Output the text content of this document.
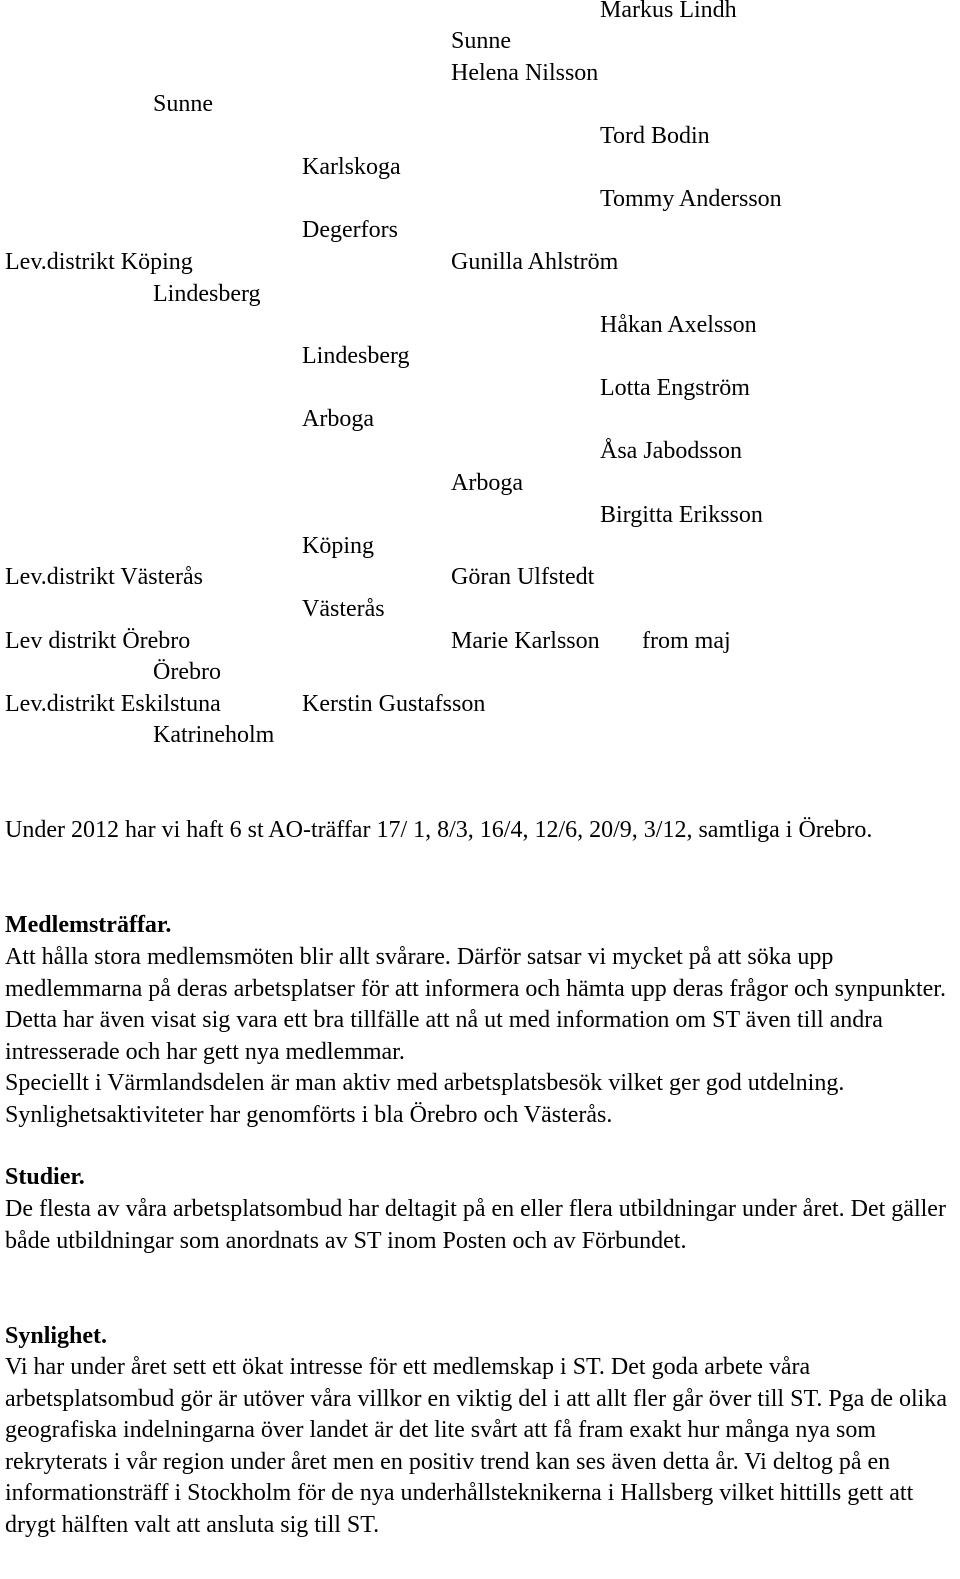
Markus Lindh
Tord Bodin
Tommy Andersson
Håkan Axelsson
Lotta Engström
Åsa Jabodsson
Birgitta Eriksson
Sunne
Helena Nilsson
Gunilla Ahlström
Arboga
Göran Ulfstedt
Marie Karlsson from maj
Karlskoga
Degerfors
Lindesberg
Arboga
Köping
Västerås
Kerstin Gustafsson
Sunne
Lev.distrikt Köping
Lindesberg
Lev.distrikt Västerås
Lev distrikt Örebro
Örebro
Lev.distrikt Eskilstuna
Katrineholm

Under 2012 har vi haft 6 st AO-träffar 17/ 1, 8/3, 16/4, 12/6, 20/9, 3/12, samtliga i Örebro.

Medlemsträffar.

Att hålla stora medlemsmöten blir allt svårare. Därför satsar vi mycket på att söka upp medlemmarna på deras arbetsplatser för att informera och hämta upp deras frågor och synpunkter. Detta har även visat sig vara ett bra tillfälle att nå ut med information om ST även till andra intresserade och har gett nya medlemmar.

Speciellt i Värmlandsdelen är man aktiv med arbetsplatsbesök vilket ger god utdelning. Synlighetsaktiviteter har genomförts i bla Örebro och Västerås.

Studier.

De flesta av våra arbetsplatsombud har deltagit på en eller flera utbildningar under året. Det gäller både utbildningar som anordnats av ST inom Posten och av Förbundet.

Synlighet.

Vi har under året sett ett ökat intresse för ett medlemskap i ST. Det goda arbete våra arbetsplatsombud gör är utöver våra villkor en viktig del i att allt fler går över till ST. Pga de olika geografiska indelningarna över landet är det lite svårt att få fram exakt hur många nya som rekryterats i vår region under året men en positiv trend kan ses även detta år. Vi deltog på en informationsträff i Stockholm för de nya underhållsteknikerna i Hallsberg vilket hittills gett att drygt hälften valt att ansluta sig till ST.
